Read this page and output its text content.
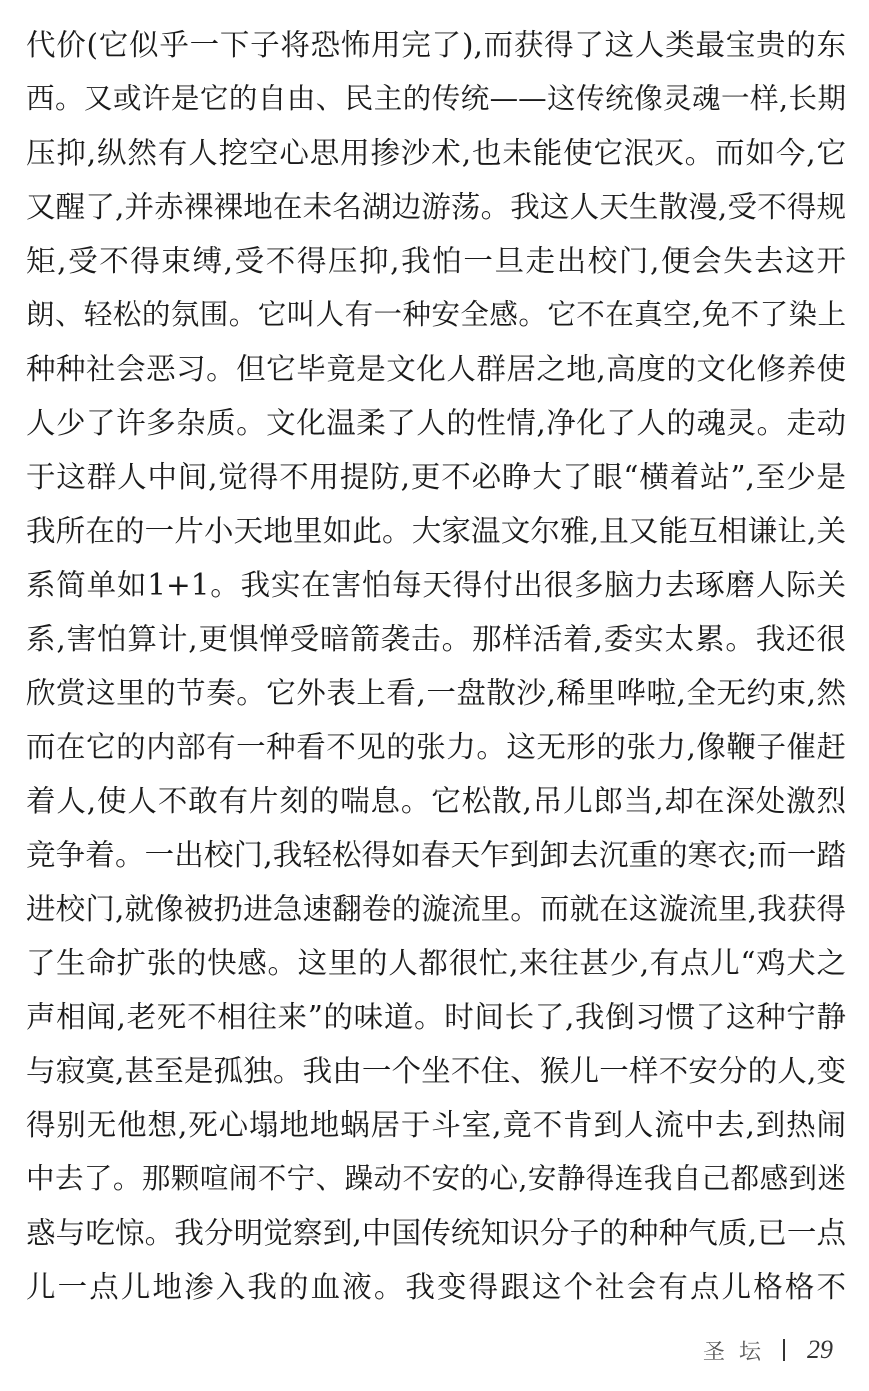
代价(它似乎一下子将恐怖用完了),而获得了这人类最宝贵的东
西。又或许是它的自由、民主的传统——这传统像灵魂一样,长期
压抑,纵然有人挖空心思用掺沙术,也未能使它泯灭。而如今,它
又醒了,并赤裸裸地在未名湖边游荡。我这人天生散漫,受不得规
矩,受不得束缚,受不得压抑,我怕一旦走出校门,便会失去这开
朗、轻松的氛围。它叫人有一种安全感。它不在真空,免不了染上
种种社会恶习。但它毕竟是文化人群居之地,高度的文化修养使
人少了许多杂质。文化温柔了人的性情,净化了人的魂灵。走动
于这群人中间,觉得不用提防,更不必睁大了眼“横着站”,至少是
我所在的一片小天地里如此。大家温文尔雅,且又能互相谦让,关
系简单如1+1。我实在害怕每天得付出很多脑力去琢磨人际关
系,害怕算计,更惧惮受暗箭袭击。那样活着,委实太累。我还很
欣赏这里的节奏。它外表上看,一盘散沙,稀里哗啦,全无约束,然
而在它的内部有一种看不见的张力。这无形的张力,像鞭子催赶
着人,使人不敢有片刻的喘息。它松散,吊儿郎当,却在深处激烈
竞争着。一出校门,我轻松得如春天乍到卸去沉重的寒衣;而一踏
进校门,就像被扔进急速翻卷的漩流里。而就在这漩流里,我获得
了生命扩张的快感。这里的人都很忙,来往甚少,有点儿“鸡犬之
声相闻,老死不相往来”的味道。时间长了,我倒习惯了这种宁静
与寂寞,甚至是孤独。我由一个坐不住、猴儿一样不安分的人,变
得别无他想,死心塌地地蜗居于斗室,竟不肯到人流中去,到热闹
中去了。那颗喧闹不宁、躁动不安的心,安静得连我自己都感到迷
惑与吃惊。我分明觉察到,中国传统知识分子的种种气质,已一点
儿一点儿地渗入我的血液。我变得跟这个社会有点儿格格不
圣坛 29
